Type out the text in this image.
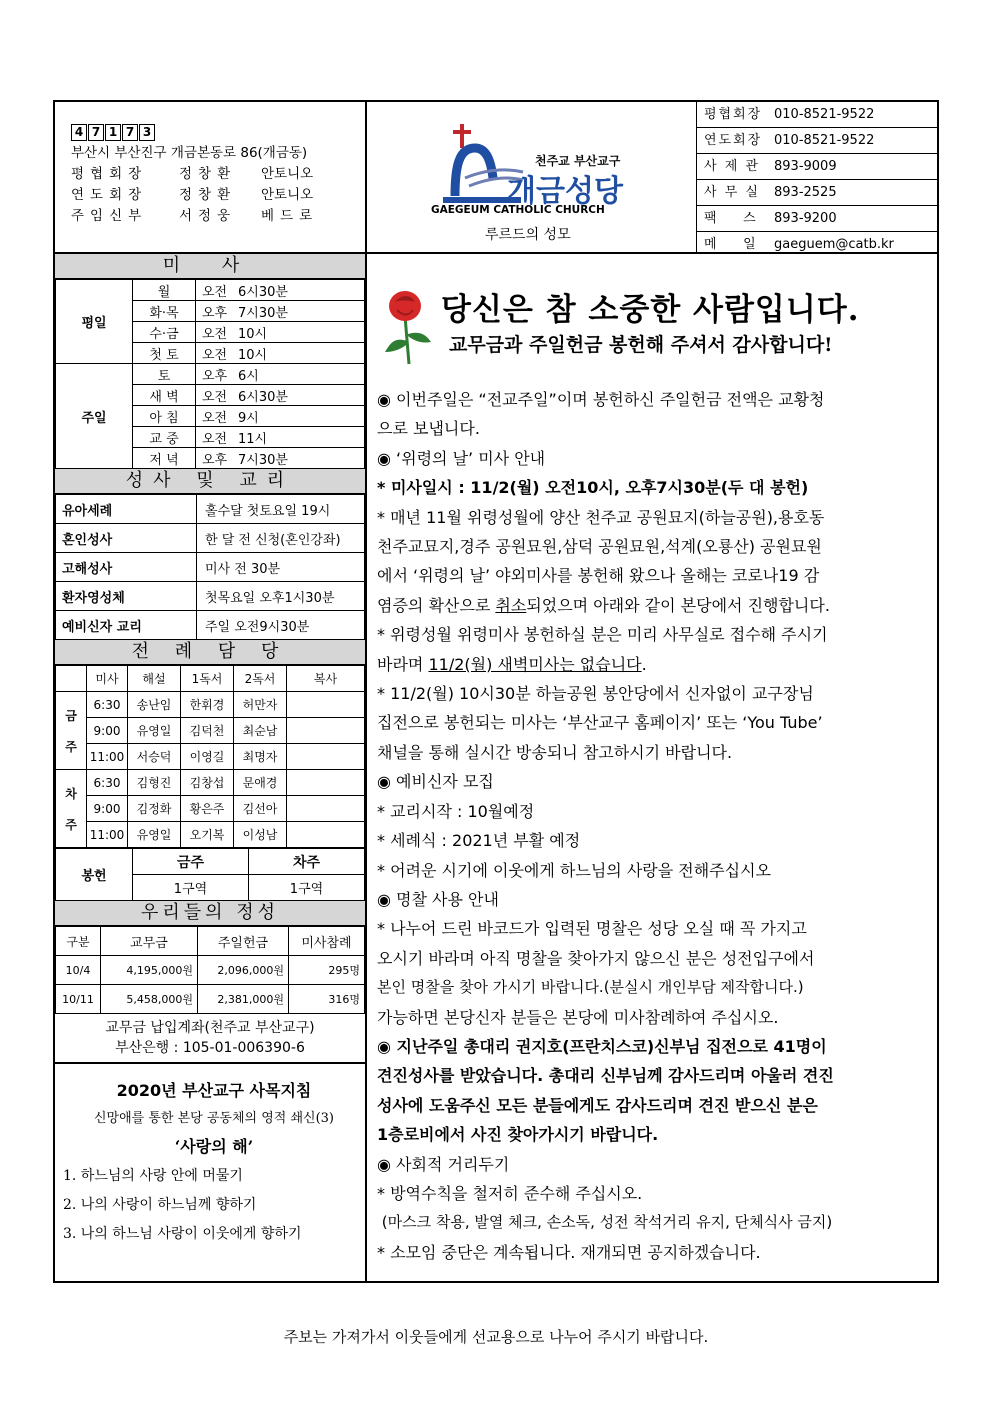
4 7 1 7 3
부산시 부산진구 개금본동로 86(개금동)
평협회장 정창환 안토니오
연도회장 정창환 안토니오
주임신부 서정웅 베드로
천주교 부산교구
개금성당
GAEGEUM CATHOLIC CHURCH
루르드의 성모
평협회장 010-8521-9522
연도회장 010-8521-9522
사 제 관	893-9009
사 무 실	893-2525
팩    스	893-9200
메    일	gaeguem@catb.kr
미 사
평일	월	오전	6시30분
	화·목	오후	7시30분
	수·금	오전	10시
	첫 토	오전	10시
주일	토	오후	6시
	새 벽	오전	6시30분
	아 침	오전	9시
	교 중	오전	11시
	저 녁	오후	7시30분
성사 및 교리
유아세례	홀수달 첫토요일 19시
혼인성사	한 달 전 신청(혼인강좌)
고해성사	미사 전 30분
환자영성체	첫목요일 오후1시30분
예비신자 교리	주일 오전9시30분
전 례 담 당
	미사	해설	1독서	2독서	복사
금

주	6:30	송난임	한휘경	허만자	
	9:00	유영일	김덕천	최순남	
	11:00	서승덕	이영길	최명자	
차

주	6:30	김형진	김창섭	문애경	
	9:00	김정화	황은주	김선아	
	11:00	유영일	오기복	이성남	
봉헌	금주	차주
	1구역	1구역
우리들의 정성
구분	교무금	주일헌금	미사참례
10/4	4,195,000원	2,096,000원	295명
10/11	5,458,000원	2,381,000원	316명
교무금 납입계좌(천주교 부산교구)
부산은행 : 105-01-006390-6
2020년 부산교구 사목지침
신망애를 통한 본당 공동체의 영적 쇄신(3)
‘사랑의 해’
1. 하느님의 사랑 안에 머물기
2. 나의 사랑이 하느님께 향하기
3. 나의 하느님 사랑이 이웃에게 향하기
당신은 참 소중한 사람입니다.
교무금과 주일헌금 봉헌해 주셔서 감사합니다!
◉ 이번주일은 “전교주일”이며 봉헌하신 주일헌금 전액은 교황청
으로 보냅니다.
◉ ‘위령의 날’ 미사 안내
* 미사일시 : 11/2(월) 오전10시, 오후7시30분(두 대 봉헌)
* 매년 11월 위령성월에 양산 천주교 공원묘지(하늘공원),용호동
천주교묘지,경주 공원묘원,삼덕 공원묘원,석계(오룡산) 공원묘원
에서 ‘위령의 날’ 야외미사를 봉헌해 왔으나 올해는 코로나19 감
염증의 확산으로 취소되었으며 아래와 같이 본당에서 진행합니다.
* 위령성월 위령미사 봉헌하실 분은 미리 사무실로 접수해 주시기
바라며 11/2(월) 새벽미사는 없습니다.
* 11/2(월) 10시30분 하늘공원 봉안당에서 신자없이 교구장님
집전으로 봉헌되는 미사는 ‘부산교구 홈페이지’ 또는 ‘You Tube’
채널을 통해 실시간 방송되니 참고하시기 바랍니다.
◉ 예비신자 모집
* 교리시작 : 10월예정
* 세례식 : 2021년 부활 예정
* 어려운 시기에 이웃에게 하느님의 사랑을 전해주십시오
◉ 명찰 사용 안내
* 나누어 드린 바코드가 입력된 명찰은 성당 오실 때 꼭 가지고
오시기 바라며 아직 명찰을 찾아가지 않으신 분은 성전입구에서
본인 명찰을 찾아 가시기 바랍니다.(분실시 개인부담 제작합니다.)
가능하면 본당신자 분들은 본당에 미사참례하여 주십시오.
◉ 지난주일 총대리 권지호(프란치스코)신부님 집전으로 41명이
견진성사를 받았습니다. 총대리 신부님께 감사드리며 아울러 견진
성사에 도움주신 모든 분들에게도 감사드리며 견진 받으신 분은
1층로비에서 사진 찾아가시기 바랍니다.
◉ 사회적 거리두기
* 방역수칙을 철저히 준수해 주십시오.
(마스크 착용, 발열 체크, 손소독, 성전 착석거리 유지, 단체식사 금지)
* 소모임 중단은 계속됩니다. 재개되면 공지하겠습니다.
주보는 가져가서 이웃들에게 선교용으로 나누어 주시기 바랍니다.
